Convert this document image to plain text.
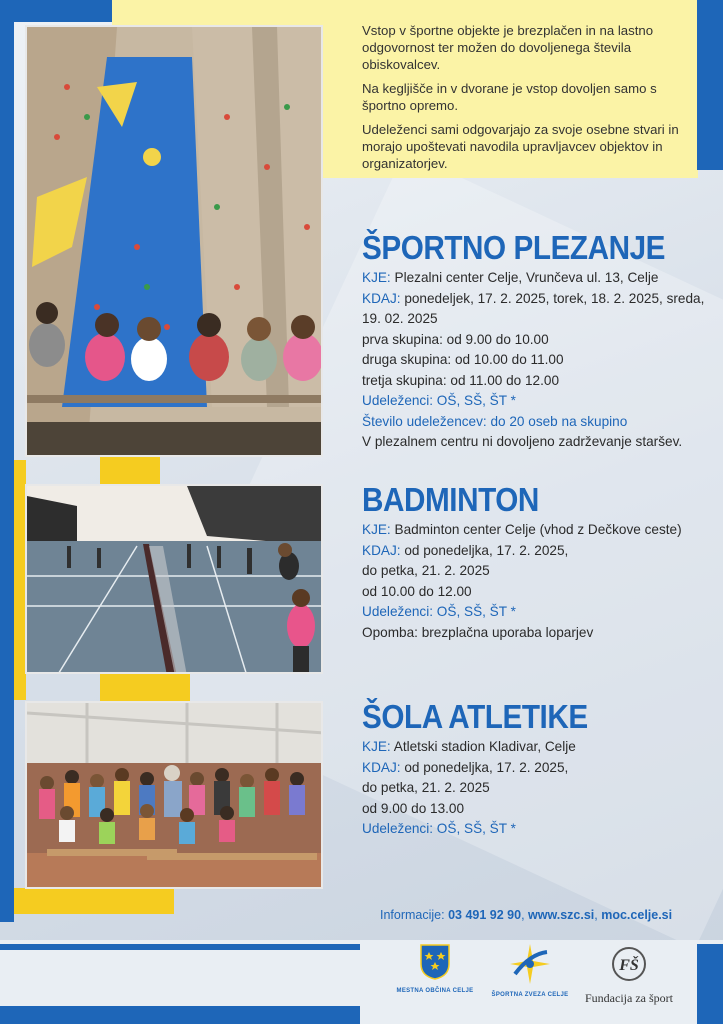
Vstop v športne objekte je brezplačen in na lastno odgovornost ter možen do dovoljenega števila obiskovalcev.

Na kegljišče in v dvorane je vstop dovoljen samo s športno opremo.

Udeleženci sami odgovarjajo za svoje osebne stvari in morajo upoštevati navodila upravljavcev objektov in organizatorjev.

ŠPORTNO PLEZANJE
KJE: Plezalni center Celje, Vrunčeva ul. 13, Celje
KDAJ: ponedeljek, 17. 2. 2025, torek, 18. 2. 2025, sreda, 19. 02. 2025
prva skupina: od 9.00 do 10.00
druga skupina: od 10.00 do 11.00
tretja skupina: od 11.00 do 12.00
Udeleženci: OŠ, SŠ, ŠT *
Število udeležencev: do 20 oseb na skupino
V plezalnem centru ni dovoljeno zadrževanje staršev.
BADMINTON
KJE: Badminton center Celje (vhod z Dečkove ceste)
KDAJ: od ponedeljka, 17. 2. 2025,
do petka, 21. 2. 2025
od 10.00 do 12.00
Udeleženci: OŠ, SŠ, ŠT *
Opomba: brezplačna uporaba loparjev
ŠOLA ATLETIKE
KJE: Atletski stadion Kladivar, Celje
KDAJ: od ponedeljka, 17. 2. 2025,
do petka, 21. 2. 2025
od 9.00 do 13.00
Udeleženci: OŠ, SŠ, ŠT *
Informacije: 03 491 92 90, www.szc.si, moc.celje.si
MESTNA OBČINA CELJE
ŠPORTNA ZVEZA CELJE
FŠ
Fundacija za šport
